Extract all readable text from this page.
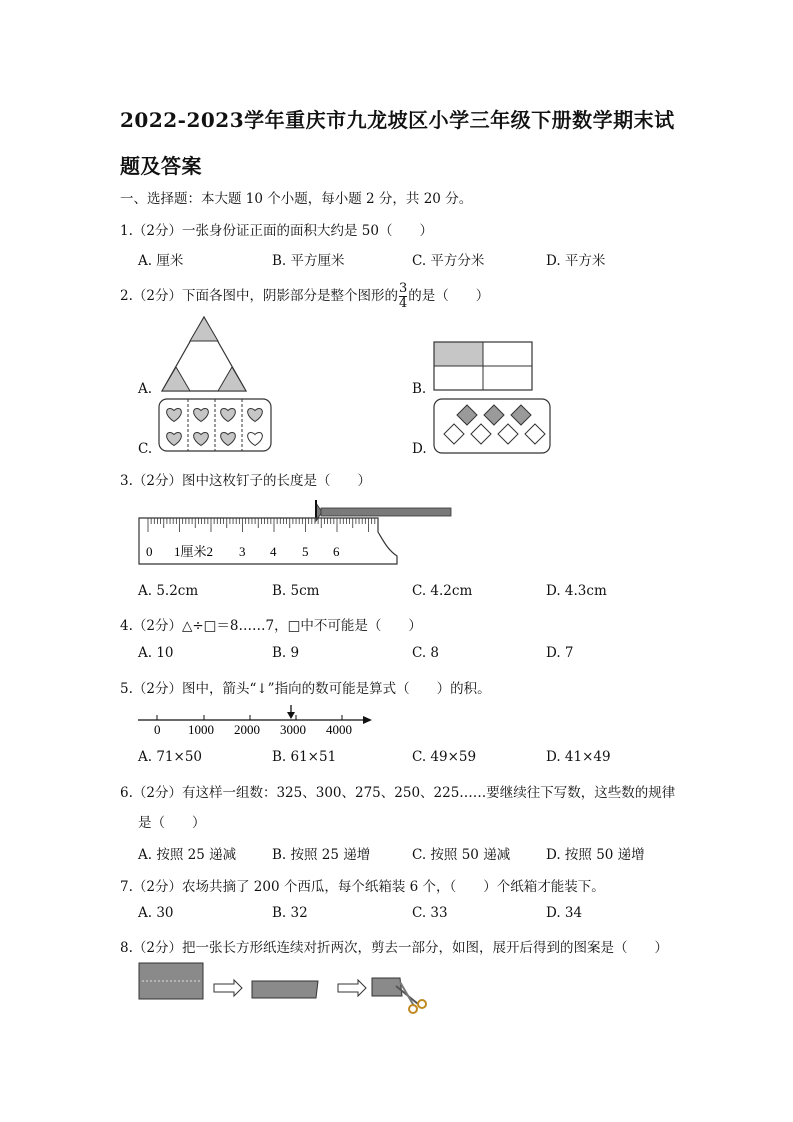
2022-2023学年重庆市九龙坡区小学三年级下册数学期末试
题及答案
一、选择题：本大题 10 个小题，每小题 2 分，共 20 分。
1.（2分）一张身份证正面的面积大约是 50（　　）
A. 厘米	B. 平方厘米	C. 平方分米	D. 平方米
2.（2分）下面各图中，阴影部分是整个图形的 $\frac{3}{4}$ 的是（　　）
A.	B.
C.	D.
3.（2分）图中这枚钉子的长度是（　　）
0 1厘米2 3 4 5 6
A. 5.2cm	B. 5cm	C. 4.2cm	D. 4.3cm
4.（2分）△÷□＝8……7，□中不可能是（　　）
A. 10	B. 9	C. 8	D. 7
5.（2分）图中，箭头“↓”指向的数可能是算式（　　）的积。
0 1000 2000 3000 4000
A. 71×50	B. 61×51	C. 49×59	D. 41×49
6.（2分）有这样一组数：325、300、275、250、225……要继续往下写数，这些数的规律
是（　　）
A. 按照 25 递减	B. 按照 25 递增	C. 按照 50 递减	D. 按照 50 递增
7.（2分）农场共摘了 200 个西瓜，每个纸箱装 6 个，（　　）个纸箱才能装下。
A. 30	B. 32	C. 33	D. 34
8.（2分）把一张长方形纸连续对折两次，剪去一部分，如图，展开后得到的图案是（　　）
